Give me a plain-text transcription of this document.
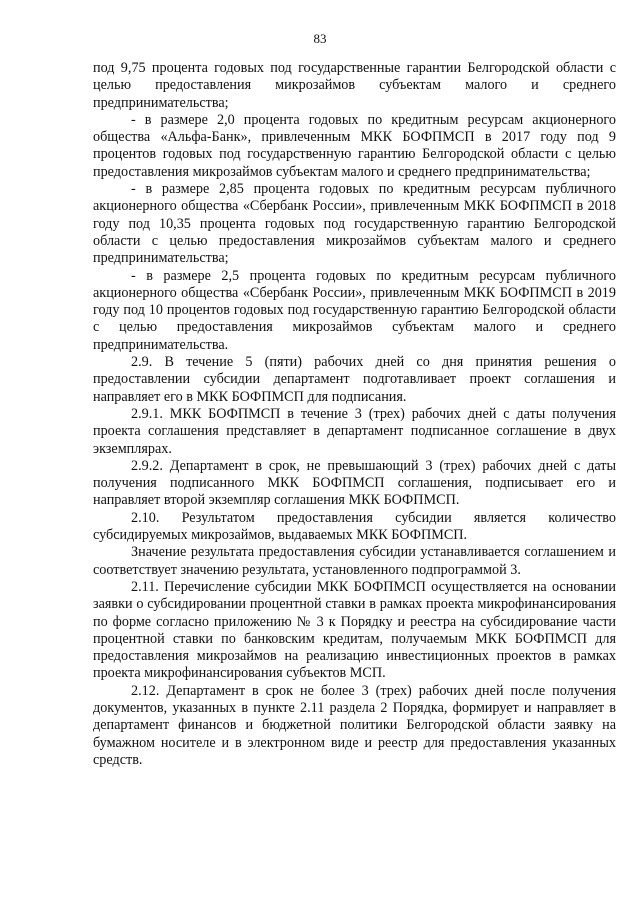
83

под 9,75 процента годовых под государственные гарантии Белгородской области с целью предоставления микрозаймов субъектам малого и среднего предпринимательства;

- в размере 2,0 процента годовых по кредитным ресурсам акционерного общества «Альфа-Банк», привлеченным МКК БОФПМСП в 2017 году под 9 процентов годовых под государственную гарантию Белгородской области с целью предоставления микрозаймов субъектам малого и среднего предпринимательства;

- в размере 2,85 процента годовых по кредитным ресурсам публичного акционерного общества «Сбербанк России», привлеченным МКК БОФПМСП в 2018 году под 10,35 процента годовых под государственную гарантию Белгородской области с целью предоставления микрозаймов субъектам малого и среднего предпринимательства;

- в размере 2,5 процента годовых по кредитным ресурсам публичного акционерного общества «Сбербанк России», привлеченным МКК БОФПМСП в 2019 году под 10 процентов годовых под государственную гарантию Белгородской области с целью предоставления микрозаймов субъектам малого и среднего предпринимательства.

2.9. В течение 5 (пяти) рабочих дней со дня принятия решения о предоставлении субсидии департамент подготавливает проект соглашения и направляет его в МКК БОФПМСП для подписания.

2.9.1. МКК БОФПМСП в течение 3 (трех) рабочих дней с даты получения проекта соглашения представляет в департамент подписанное соглашение в двух экземплярах.

2.9.2. Департамент в срок, не превышающий 3 (трех) рабочих дней с даты получения подписанного МКК БОФПМСП соглашения, подписывает его и направляет второй экземпляр соглашения МКК БОФПМСП.

2.10. Результатом предоставления субсидии является количество субсидируемых микрозаймов, выдаваемых МКК БОФПМСП.

Значение результата предоставления субсидии устанавливается соглашением и соответствует значению результата, установленного подпрограммой 3.

2.11. Перечисление субсидии МКК БОФПМСП осуществляется на основании заявки о субсидировании процентной ставки в рамках проекта микрофинансирования по форме согласно приложению № 3 к Порядку и реестра на субсидирование части процентной ставки по банковским кредитам, получаемым МКК БОФПМСП для предоставления микрозаймов на реализацию инвестиционных проектов в рамках проекта микрофинансирования субъектов МСП.

2.12. Департамент в срок не более 3 (трех) рабочих дней после получения документов, указанных в пункте 2.11 раздела 2 Порядка, формирует и направляет в департамент финансов и бюджетной политики Белгородской области заявку на бумажном носителе и в электронном виде и реестр для предоставления указанных средств.
